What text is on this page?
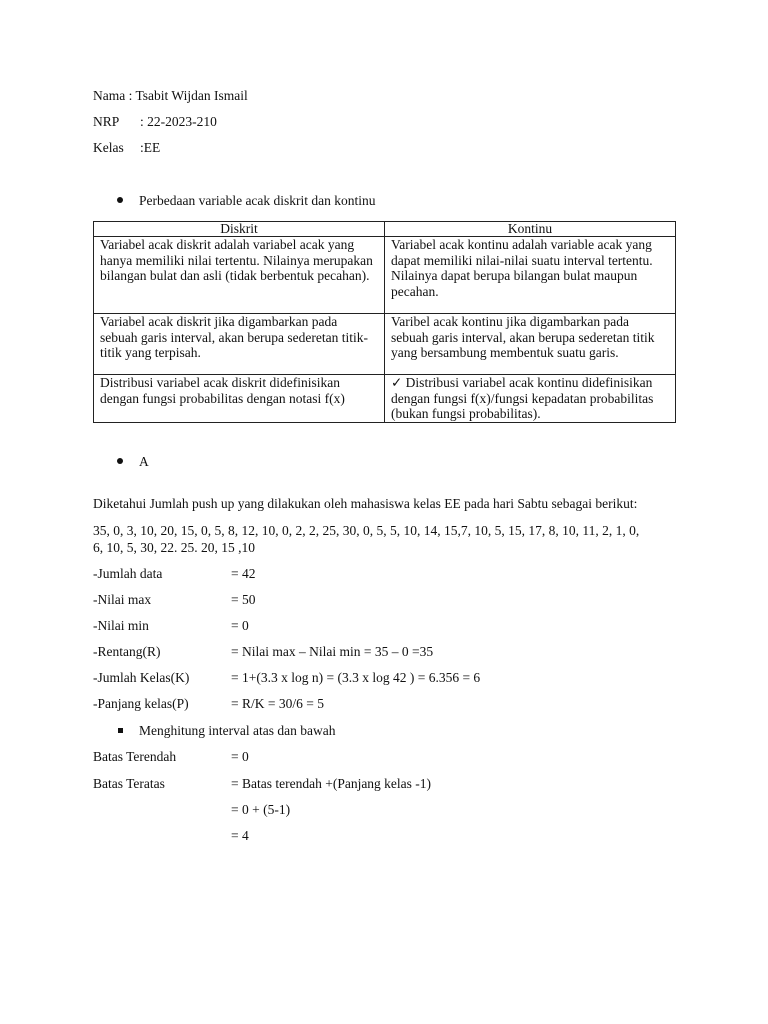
Nama : Tsabit Wijdan Ismail
NRP : 22-2023-210
Kelas :EE
Perbedaan variable acak diskrit dan kontinu
Diskrit	Kontinu
Variabel acak diskrit adalah variabel acak yang hanya memiliki nilai tertentu. Nilainya merupakan bilangan bulat dan asli (tidak berbentuk pecahan).	Variabel acak kontinu adalah variable acak yang dapat memiliki nilai-nilai suatu interval tertentu. Nilainya dapat berupa bilangan bulat maupun pecahan.
Variabel acak diskrit jika digambarkan pada sebuah garis interval, akan berupa sederetan titik-titik yang terpisah.	Varibel acak kontinu jika digambarkan pada sebuah garis interval, akan berupa sederetan titik yang bersambung membentuk suatu garis.
Distribusi variabel acak diskrit didefinisikan dengan fungsi probabilitas dengan notasi f(x)	✓ Distribusi variabel acak kontinu didefinisikan dengan fungsi f(x)/fungsi kepadatan probabilitas (bukan fungsi probabilitas).
A
Diketahui Jumlah push up yang dilakukan oleh mahasiswa kelas EE pada hari Sabtu sebagai berikut:
35, 0, 3, 10, 20, 15, 0, 5, 8, 12, 10, 0, 2, 2, 25, 30, 0, 5, 5, 10, 14, 15,7, 10, 5, 15, 17, 8, 10, 11, 2, 1, 0,
6, 10, 5, 30, 22. 25. 20, 15 ,10
-Jumlah data	= 42
-Nilai max	= 50
-Nilai min	= 0
-Rentang(R)	= Nilai max – Nilai min = 35 – 0 =35
-Jumlah Kelas(K)	= 1+(3.3 x log n) = (3.3 x log 42 ) = 6.356 = 6
-Panjang kelas(P)	= R/K = 30/6 = 5
Menghitung interval atas dan bawah
Batas Terendah	= 0
Batas Teratas	= Batas terendah +(Panjang kelas -1)
= 0 + (5-1)
= 4
